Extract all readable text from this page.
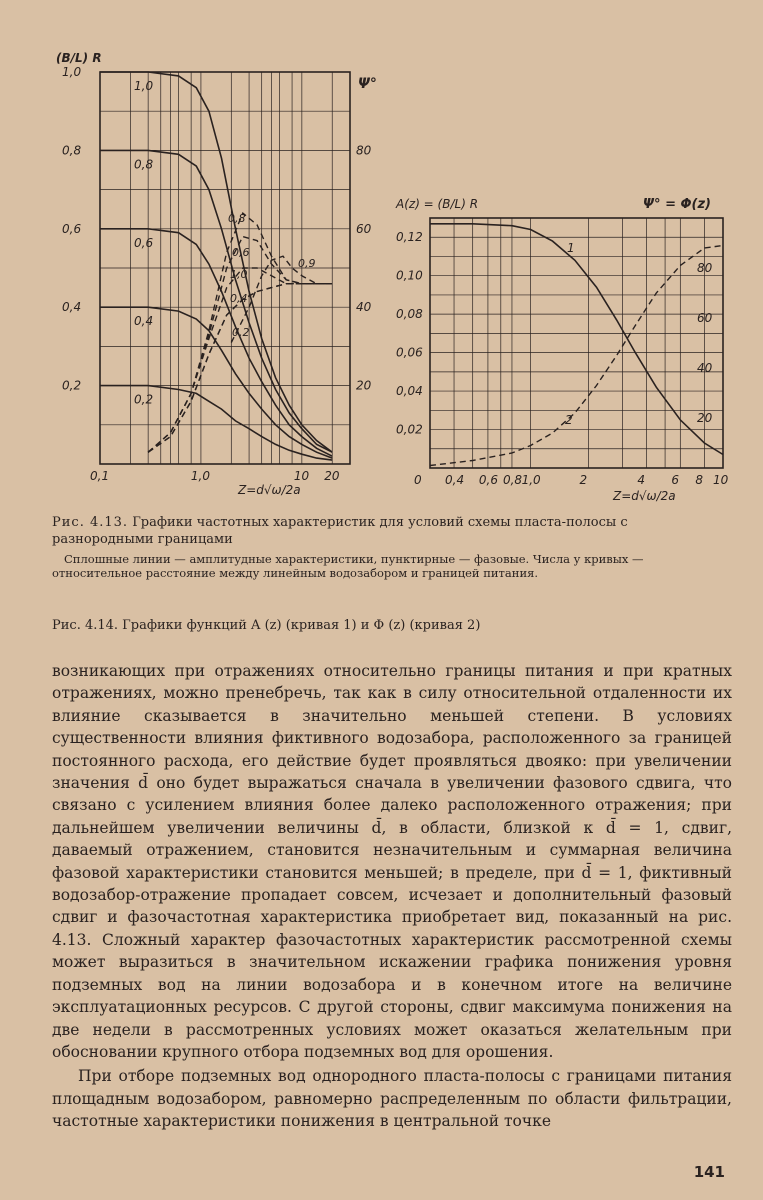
1,0
0,8
0,6
0,4
0,2
80
60
40
20
0,1	1,0	10 20
(B/L) R
Ψ°
Z=d√ω/2a
1,0
0,8
0,6
0,4
0,2
0,8
0,6
1,0
0,4
0,2
0,9
0,12
0,10
0,08
0,06
0,04
0,02
80
60
40
20
0 0,4 0,6 0,8 1,0	2	4 6 8 10
A(z) = (B/L) R	Ψ° = Φ(z)
Z=d√ω/2a
1
2
Рис. 4.13. Графики частотных характеристик для условий схемы пласта-полосы с разнородными границами
Сплошные линии — амплитудные характеристики, пунктирные — фазовые. Числа у кривых — относительное расстояние между линейным водозабором и границей питания.
Рис. 4.14. Графики функций A (z) (кривая 1) и Φ (z) (кривая 2)

возникающих при отражениях относительно границы питания и при кратных отражениях, можно пренебречь, так как в силу относительной отдаленности их влияние сказывается в значительно меньшей степени. В условиях существенности влияния фиктивного водозабора, расположенного за границей постоянного расхода, его действие будет проявляться двояко: при увеличении значения d̄ оно будет выражаться сначала в увеличении фазового сдвига, что связано с усилением влияния более далеко расположенного отражения; при дальнейшем увеличении величины d̄, в области, близкой к d̄ = 1, сдвиг, даваемый отражением, становится незначительным и суммарная величина фазовой характеристики становится меньшей; в пределе, при d̄ = 1, фиктивный водозабор-отражение пропадает совсем, исчезает и дополнительный фазовый сдвиг и фазочастотная характеристика приобретает вид, показанный на рис. 4.13. Сложный характер фазочастотных характеристик рассмотренной схемы может выразиться в значительном искажении графика понижения уровня подземных вод на линии водозабора и в конечном итоге на величине эксплуатационных ресурсов. С другой стороны, сдвиг максимума понижения на две недели в рассмотренных условиях может оказаться желательным при обосновании крупного отбора подземных вод для орошения.

При отборе подземных вод однородного пласта-полосы с границами питания площадным водозабором, равномерно распределенным по области фильтрации, частотные характеристики понижения в центральной точке

141
